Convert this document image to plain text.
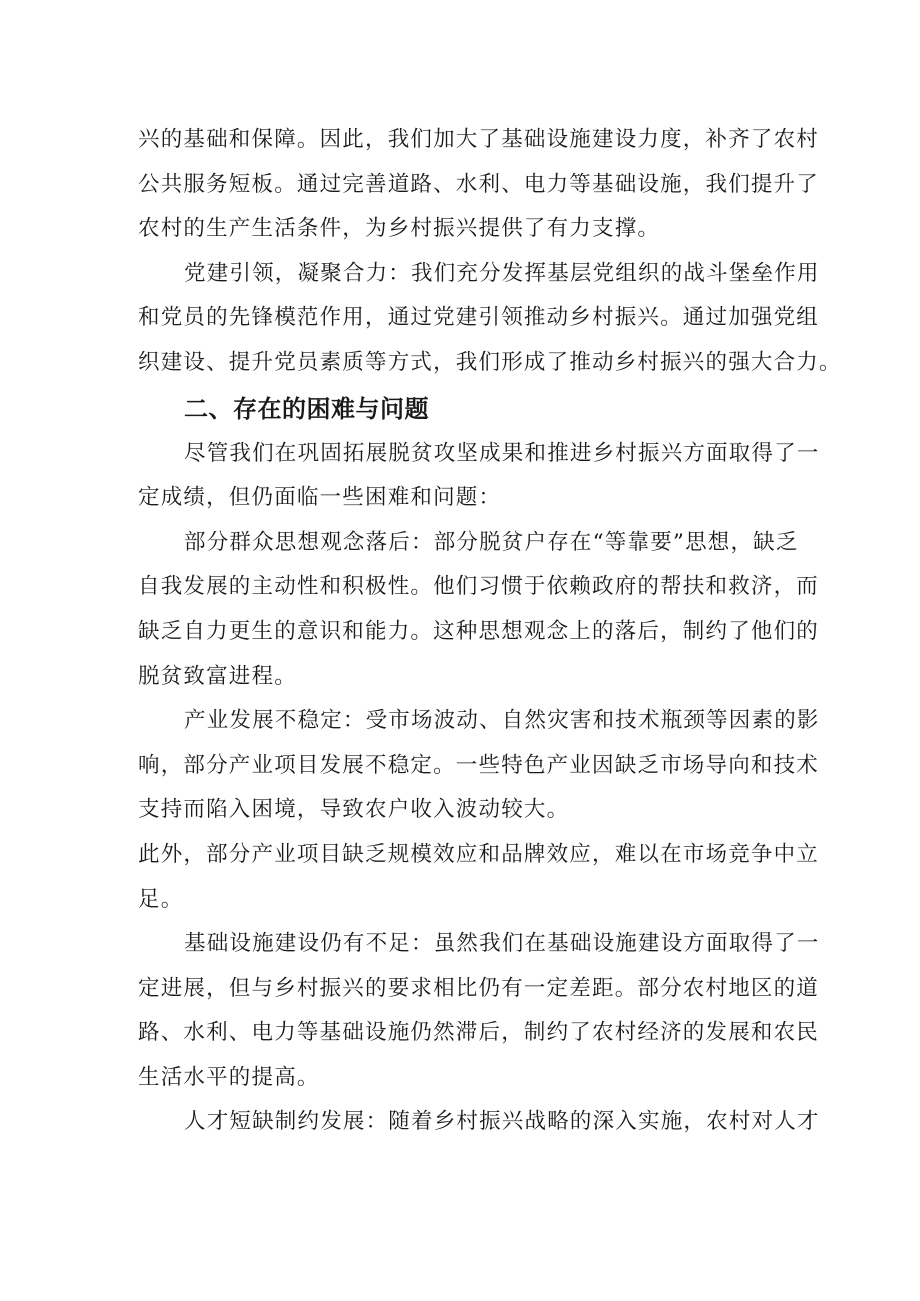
兴的基础和保障。因此，我们加大了基础设施建设力度，补齐了农村
公共服务短板。通过完善道路、水利、电力等基础设施，我们提升了
农村的生产生活条件，为乡村振兴提供了有力支撑。

党建引领，凝聚合力：我们充分发挥基层党组织的战斗堡垒作用
和党员的先锋模范作用，通过党建引领推动乡村振兴。通过加强党组
织建设、提升党员素质等方式，我们形成了推动乡村振兴的强大合力。

二、存在的困难与问题

尽管我们在巩固拓展脱贫攻坚成果和推进乡村振兴方面取得了一
定成绩，但仍面临一些困难和问题：

部分群众思想观念落后：部分脱贫户存在“等靠要”思想，缺乏
自我发展的主动性和积极性。他们习惯于依赖政府的帮扶和救济，而
缺乏自力更生的意识和能力。这种思想观念上的落后，制约了他们的
脱贫致富进程。

产业发展不稳定：受市场波动、自然灾害和技术瓶颈等因素的影
响，部分产业项目发展不稳定。一些特色产业因缺乏市场导向和技术
支持而陷入困境，导致农户收入波动较大。

此外，部分产业项目缺乏规模效应和品牌效应，难以在市场竞争中立
足。

基础设施建设仍有不足：虽然我们在基础设施建设方面取得了一
定进展，但与乡村振兴的要求相比仍有一定差距。部分农村地区的道
路、水利、电力等基础设施仍然滞后，制约了农村经济的发展和农民
生活水平的提高。

人才短缺制约发展：随着乡村振兴战略的深入实施，农村对人才
